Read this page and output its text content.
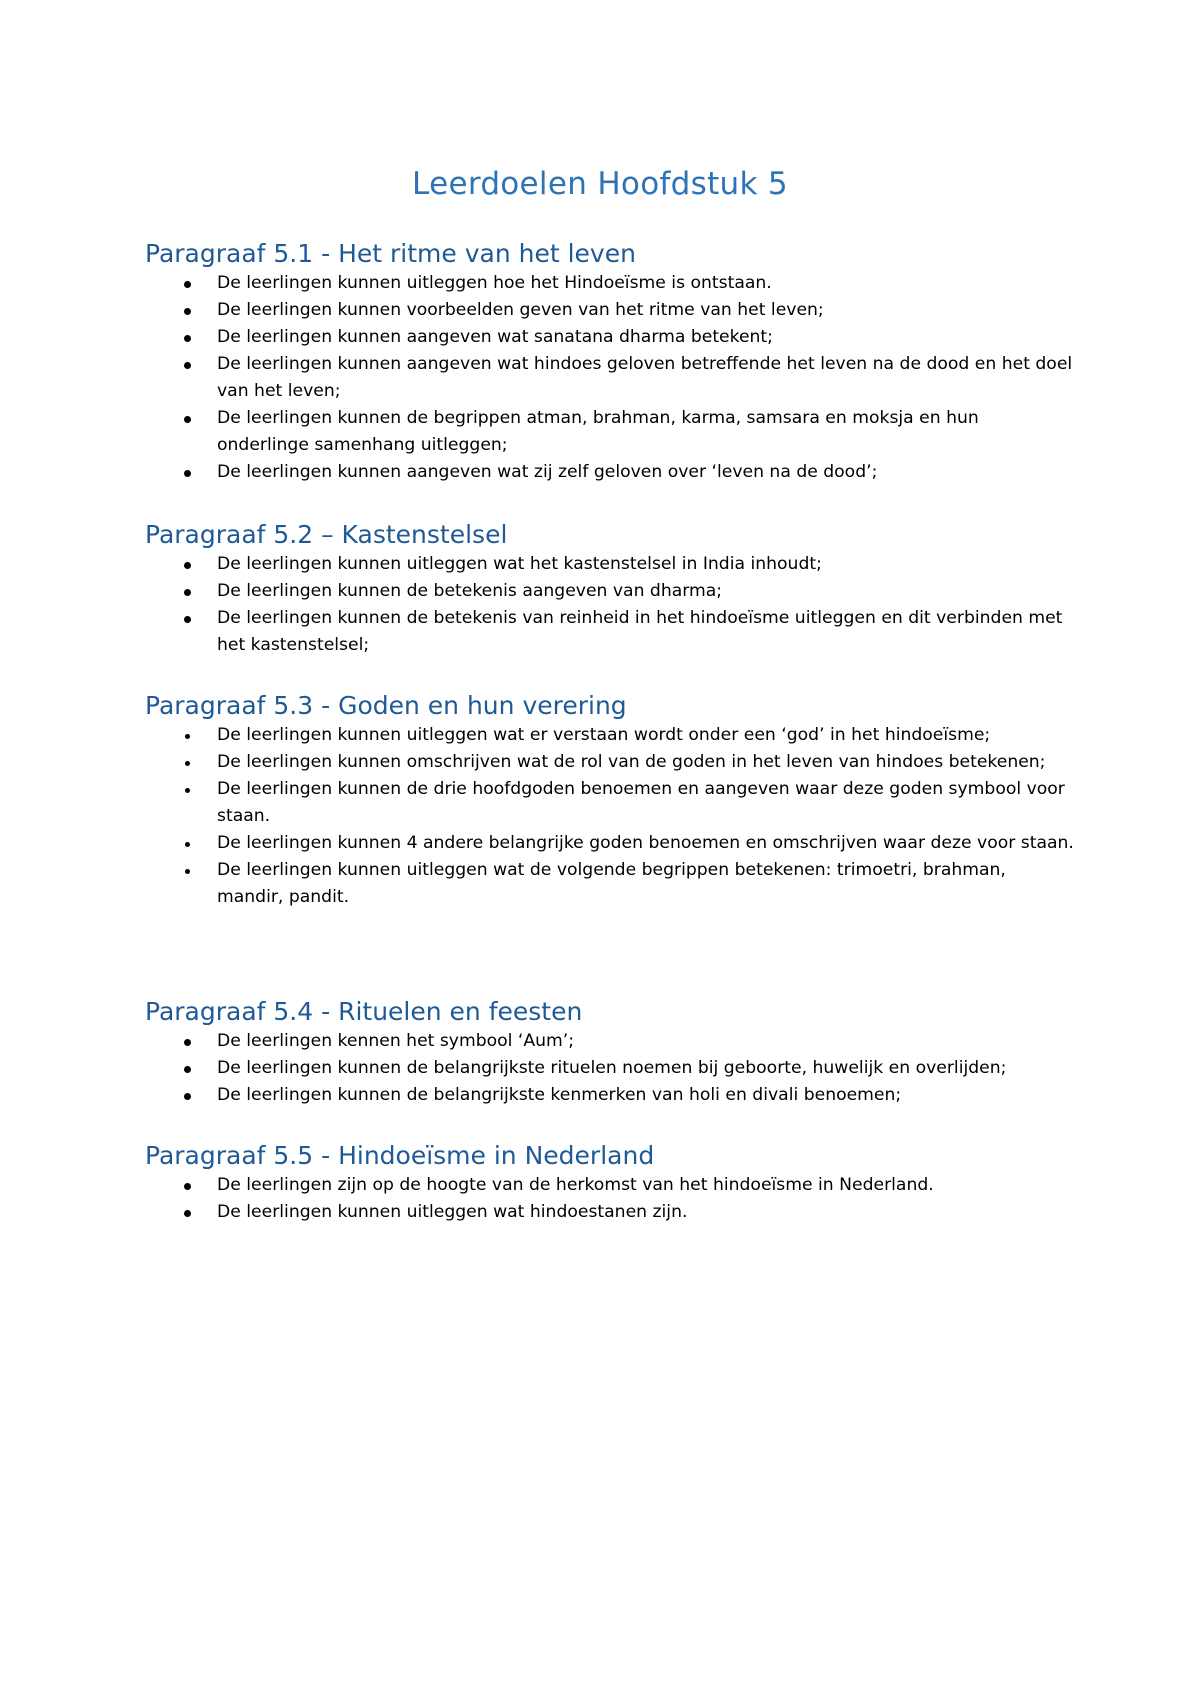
Leerdoelen Hoofdstuk 5
Paragraaf 5.1 - Het ritme van het leven
De leerlingen kunnen uitleggen hoe het Hindoeïsme is ontstaan.
De leerlingen kunnen voorbeelden geven van het ritme van het leven;
De leerlingen kunnen aangeven wat sanatana dharma betekent;
De leerlingen kunnen aangeven wat hindoes geloven betreffende het leven na de dood en het doel van het leven;
De leerlingen kunnen de begrippen atman, brahman, karma, samsara en moksja en hun onderlinge samenhang uitleggen;
De leerlingen kunnen aangeven wat zij zelf geloven over ‘leven na de dood’;
Paragraaf 5.2 – Kastenstelsel
De leerlingen kunnen uitleggen wat het kastenstelsel in India inhoudt;
De leerlingen kunnen de betekenis aangeven van dharma;
De leerlingen kunnen de betekenis van reinheid in het hindoeïsme uitleggen en dit verbinden met het kastenstelsel;
Paragraaf 5.3 - Goden en hun verering
De leerlingen kunnen uitleggen wat er verstaan wordt onder een ‘god’ in het hindoeïsme;
De leerlingen kunnen omschrijven wat de rol van de goden in het leven van hindoes betekenen;
De leerlingen kunnen de drie hoofdgoden benoemen en aangeven waar deze goden symbool voor staan.
De leerlingen kunnen 4 andere belangrijke goden benoemen en omschrijven waar deze voor staan.
De leerlingen kunnen uitleggen wat de volgende begrippen betekenen: trimoetri, brahman, mandir, pandit.
Paragraaf 5.4 - Rituelen en feesten
De leerlingen kennen het symbool ‘Aum’;
De leerlingen kunnen de belangrijkste rituelen noemen bij geboorte, huwelijk en overlijden;
De leerlingen kunnen de belangrijkste kenmerken van holi en divali benoemen;
Paragraaf 5.5 - Hindoeïsme in Nederland
De leerlingen zijn op de hoogte van de herkomst van het hindoeïsme in Nederland.
De leerlingen kunnen uitleggen wat hindoestanen zijn.
